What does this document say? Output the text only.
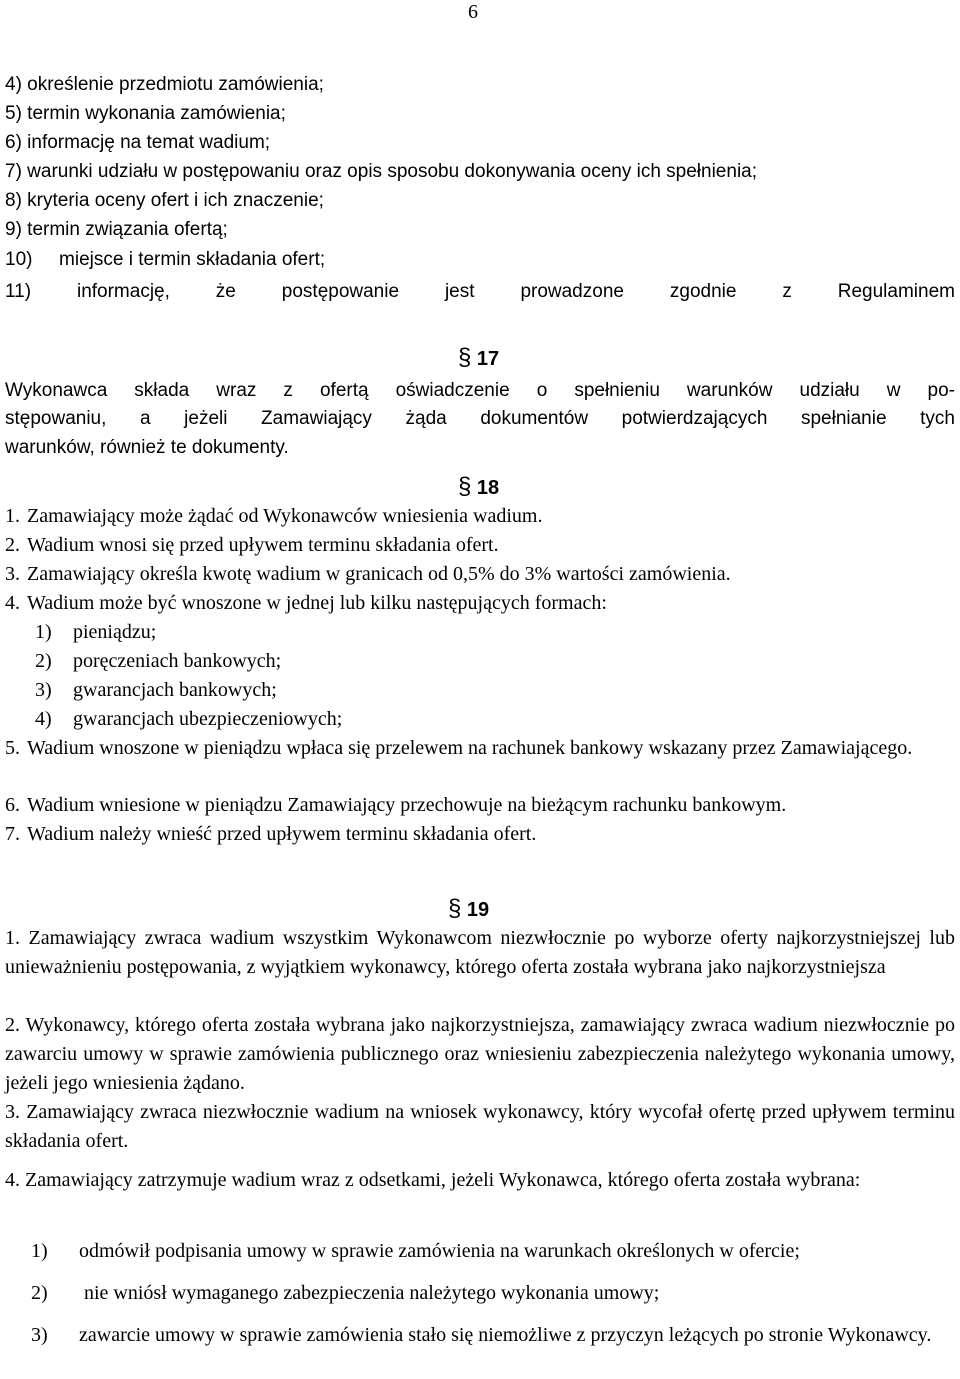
6
4) określenie przedmiotu zamówienia;
5) termin wykonania zamówienia;
6) informację na temat wadium;
7) warunki udziału w postępowaniu oraz opis sposobu dokonywania oceny ich spełnienia;
8) kryteria oceny ofert i ich znaczenie;
9) termin związania ofertą;
10) miejsce i termin składania ofert;
11) informację, że postępowanie jest prowadzone zgodnie z Regulaminem
§ 17
Wykonawca składa wraz z ofertą oświadczenie o spełnieniu warunków udziału w po-
stępowaniu, a jeżeli Zamawiający żąda dokumentów potwierdzających spełnianie tych
warunków, również te dokumenty.
§ 18
1. Zamawiający może żądać od Wykonawców wniesienia wadium.
2. Wadium wnosi się przed upływem terminu składania ofert.
3. Zamawiający określa kwotę wadium w granicach od 0,5% do 3% wartości zamówienia.
4. Wadium może być wnoszone w jednej lub kilku następujących formach:
1) pieniądzu;
2) poręczeniach bankowych;
3) gwarancjach bankowych;
4) gwarancjach ubezpieczeniowych;
5. Wadium wnoszone w pieniądzu wpłaca się przelewem na rachunek bankowy wskazany przez Zamawiającego.
6. Wadium wniesione w pieniądzu Zamawiający przechowuje na bieżącym rachunku bankowym.
7. Wadium należy wnieść przed upływem terminu składania ofert.
§ 19
1. Zamawiający zwraca wadium wszystkim Wykonawcom niezwłocznie po wyborze oferty najkorzystniejszej lub unieważnieniu postępowania, z wyjątkiem wykonawcy, którego oferta została wybrana jako najkorzystniejsza
2. Wykonawcy, którego oferta została wybrana jako najkorzystniejsza, zamawiający zwraca wadium niezwłocznie po zawarciu umowy w sprawie zamówienia publicznego oraz wniesieniu zabezpieczenia należytego wykonania umowy, jeżeli jego wniesienia żądano.
3. Zamawiający zwraca niezwłocznie wadium na wniosek wykonawcy, który wycofał ofertę przed upływem terminu składania ofert.
4. Zamawiający zatrzymuje wadium wraz z odsetkami, jeżeli Wykonawca, którego oferta została wybrana:
1)	odmówił podpisania umowy w sprawie zamówienia na warunkach określonych w ofercie;
2)	nie wniósł wymaganego zabezpieczenia należytego wykonania umowy;
3)	zawarcie umowy w sprawie zamówienia stało się niemożliwe z przyczyn leżących po stronie Wykonawcy.
